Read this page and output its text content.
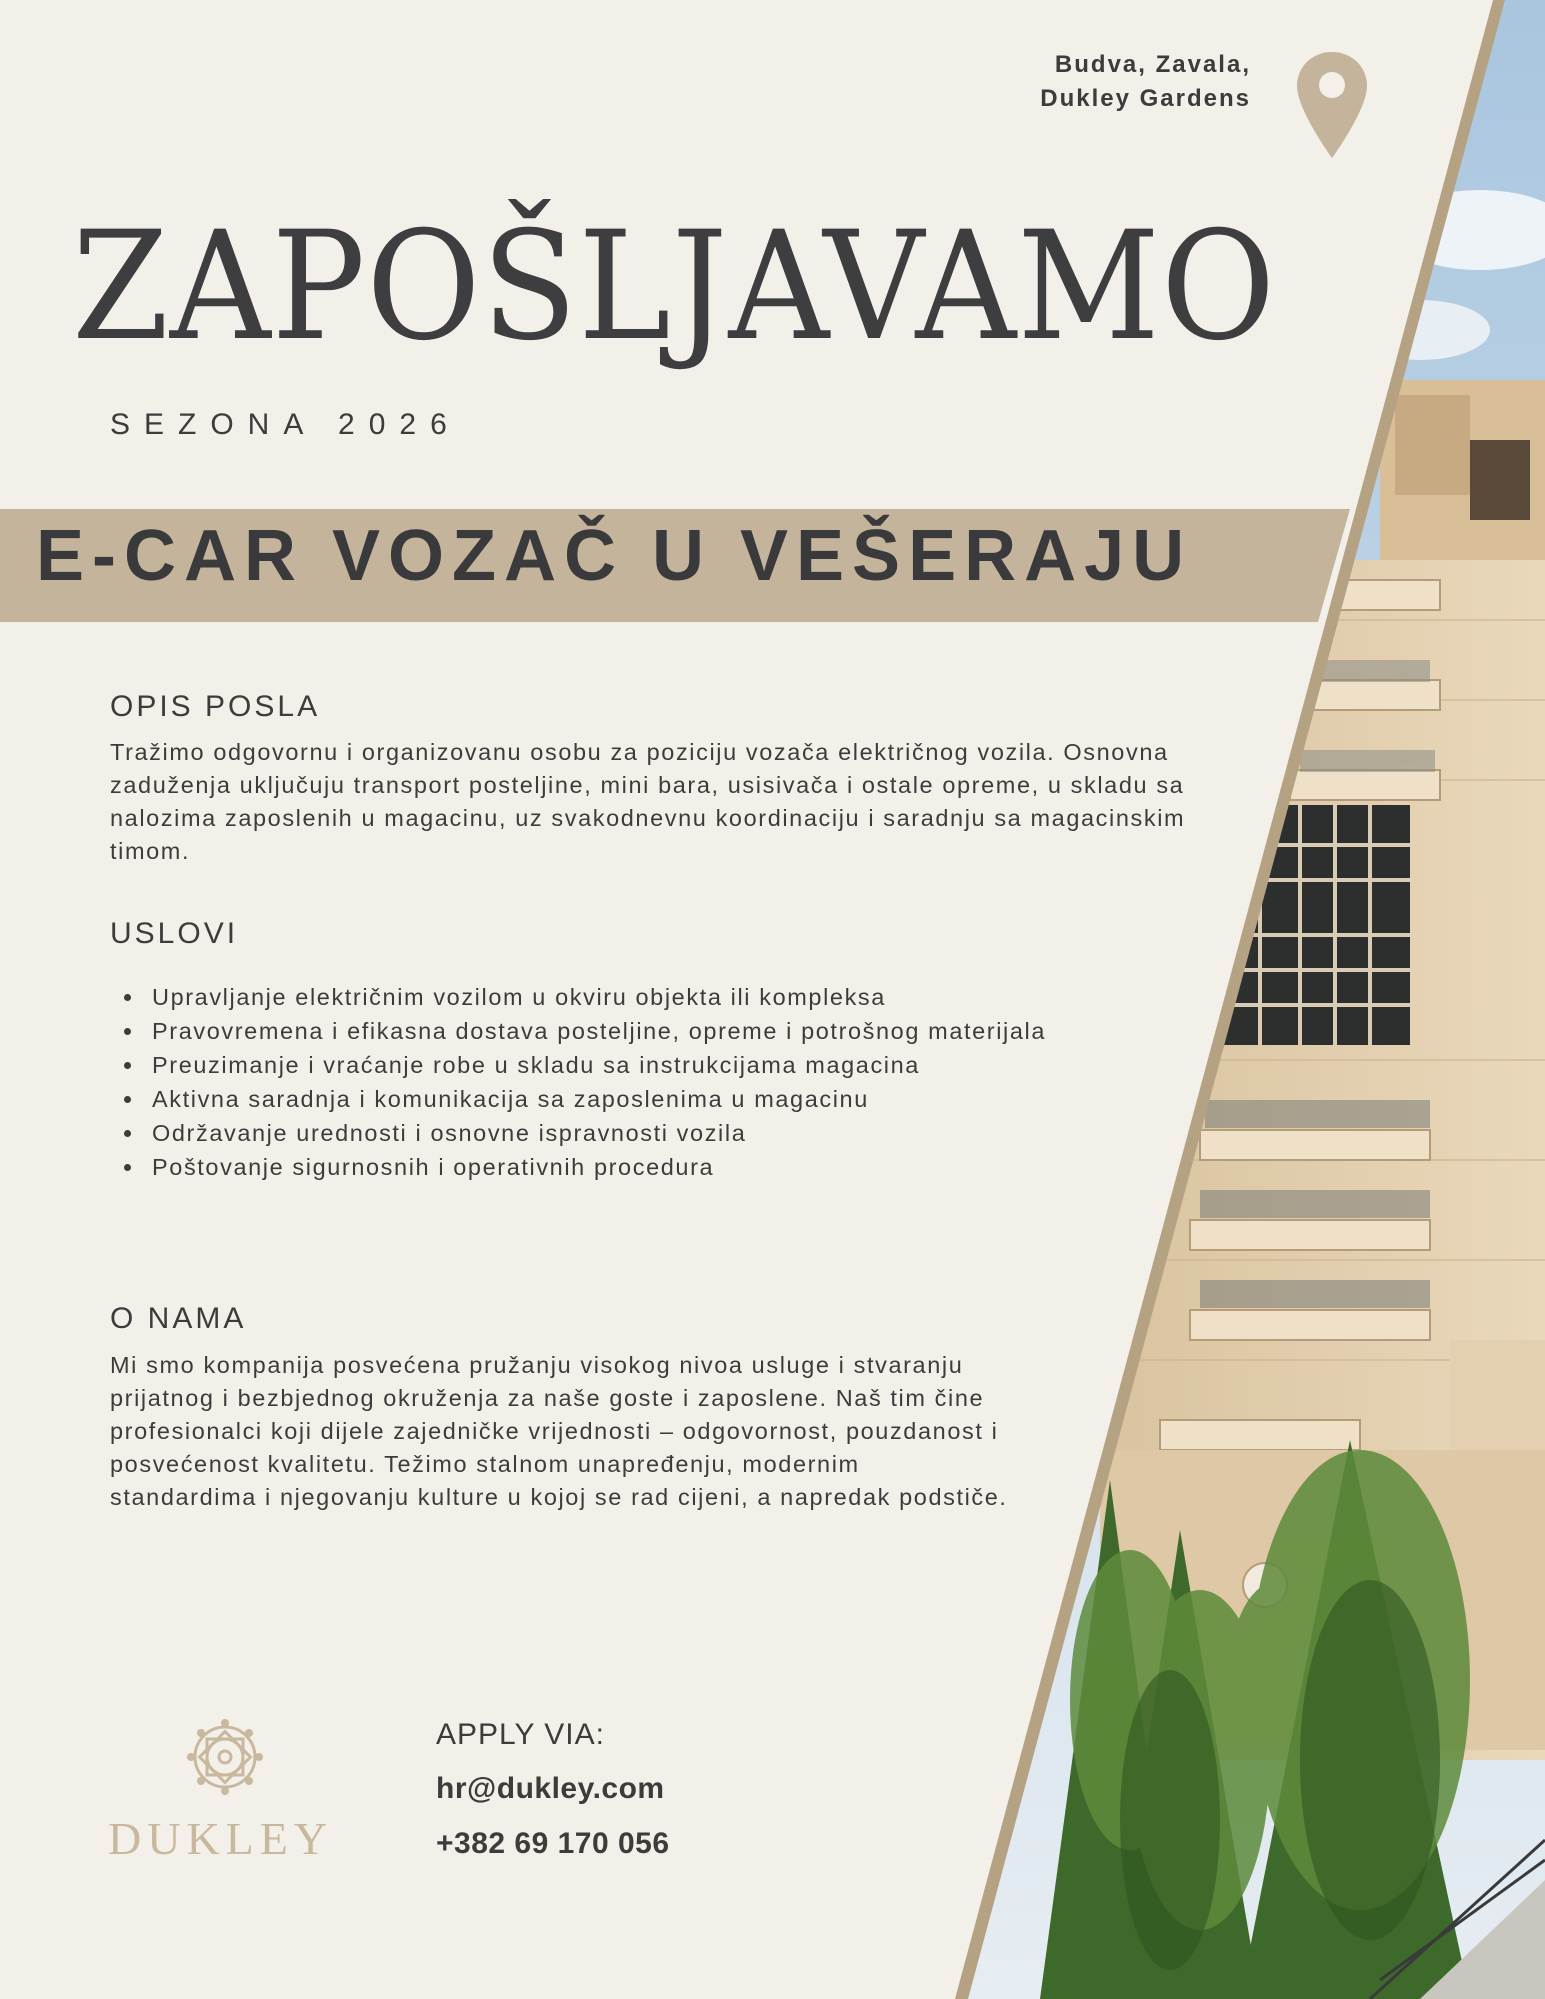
Budva, Zavala,
Dukley Gardens
ZAPOŠLJAVAMO
SEZONA 2026
E-CAR VOZAČ U VEŠERAJU
OPIS POSLA

Tražimo odgovornu i organizovanu osobu za poziciju vozača električnog vozila. Osnovna zaduženja uključuju transport posteljine, mini bara, usisivača i ostale opreme, u skladu sa nalozima zaposlenih u magacinu, uz svakodnevnu koordinaciju i saradnju sa magacinskim timom.

USLOVI
Upravljanje električnim vozilom u okviru objekta ili kompleksa
Pravovremena i efikasna dostava posteljine, opreme i potrošnog materijala
Preuzimanje i vraćanje robe u skladu sa instrukcijama magacina
Aktivna saradnja i komunikacija sa zaposlenima u magacinu
Održavanje urednosti i osnovne ispravnosti vozila
Poštovanje sigurnosnih i operativnih procedura
O NAMA

Mi smo kompanija posvećena pružanju visokog nivoa usluge i stvaranju prijatnog i bezbjednog okruženja za naše goste i zaposlene. Naš tim čine profesionalci koji dijele zajedničke vrijednosti – odgovornost, pouzdanost i posvećenost kvalitetu. Težimo stalnom unapređenju, modernim standardima i njegovanju kulture u kojoj se rad cijeni, a napredak podstiče.

DUKLEY
APPLY VIA:
hr@dukley.com
+382 69 170 056
